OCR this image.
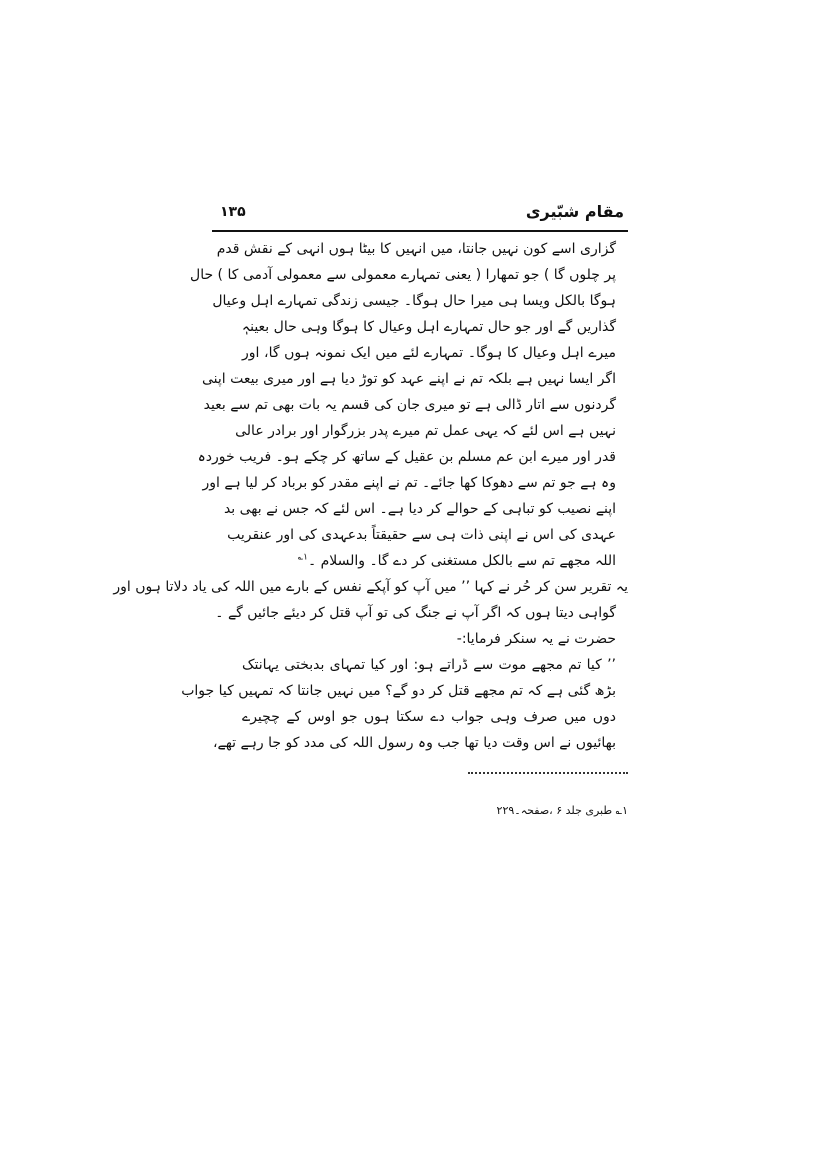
مقام شبّیری
۱۳۵
گزاری اسے کون نہیں جانتا، میں انہیں کا بیٹا ہوں انہی کے نقش قدم
پر چلوں گا ) جو تمھارا ( یعنی تمہارے معمولی سے معمولی آدمی کا ) حال
ہوگا بالکل ویسا ہی میرا حال ہوگا۔ جیسی زندگی تمہارے اہل وعیال
گذاریں گے اور جو حال تمہارے اہل وعیال کا ہوگا وہی حال بعینہٖ
میرے اہل وعیال کا ہوگا۔ تمہارے لئے میں ایک نمونہ ہوں گا، اور
اگر ایسا نہیں ہے بلکہ تم نے اپنے عہد کو توڑ دیا ہے اور میری بیعت اپنی
گردنوں سے اتار ڈالی ہے تو میری جان کی قسم یہ بات بھی تم سے بعید
نہیں ہے اس لئے کہ یہی عمل تم میرے پدر بزرگوار اور برادر عالی
قدر اور میرے ابن عم مسلم بن عقیل کے ساتھ کر چکے ہو۔ فریب خوردہ
وہ ہے جو تم سے دھوکا کھا جائے۔ تم نے اپنے مقدر کو برباد کر لیا ہے اور
اپنے نصیب کو تباہی کے حوالے کر دیا ہے۔ اس لئے کہ جس نے بھی بد
عہدی کی اس نے اپنی ذات ہی سے حقیقتاً بدعہدی کی اور عنقریب
اللہ مجھے تم سے بالکل مستغنی کر دے گا۔ والسلام ۔$^{۱؎}$
یہ تقریر سن کر حُر نے کہا ’’ میں آپ کو آپکے نفس کے بارے میں اللہ کی یاد دلاتا ہوں اور
گواہی دیتا ہوں کہ اگر آپ نے جنگ کی تو آپ قتل کر دیئے جائیں گے ۔
حضرت نے یہ سنکر فرمایا:-
’’ کیا تم مجھے موت سے ڈراتے ہو: اور کیا تمہای بدبختی یہانتک
بڑھ گئی ہے کہ تم مجھے قتل کر دو گے؟ میں نہیں جانتا کہ تمہیں کیا جواب
دوں میں صرف وہی جواب دے سکتا ہوں جو اوس کے چچیرے
بھائیوں نے اس وقت دیا تھا جب وہ رسول اللہ کی مدد کو جا رہے تھے،
۱؎ طبری جلد ۶ ،صفحہ۔۲۲۹
